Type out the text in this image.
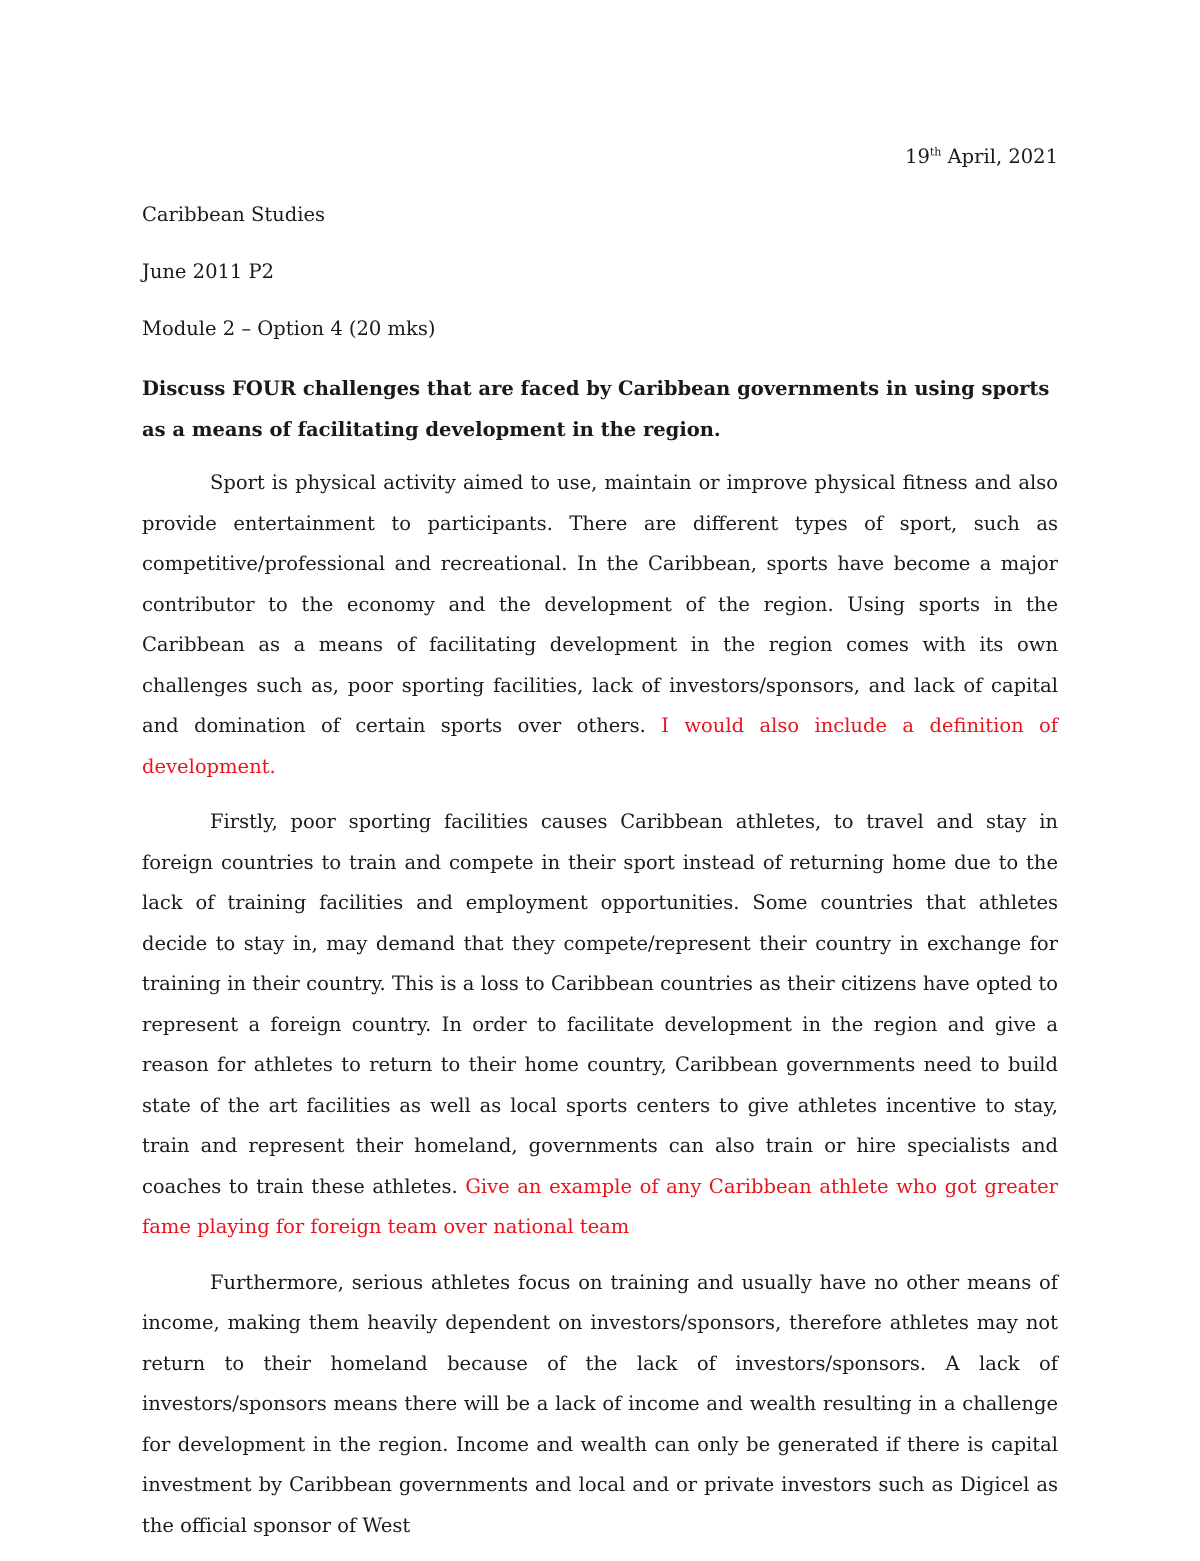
19th April, 2021
Caribbean Studies
June 2011 P2
Module 2 – Option 4 (20 mks)
Discuss FOUR challenges that are faced by Caribbean governments in using sports as a means of facilitating development in the region.

Sport is physical activity aimed to use, maintain or improve physical fitness and also provide entertainment to participants. There are different types of sport, such as competitive/professional and recreational. In the Caribbean, sports have become a major contributor to the economy and the development of the region. Using sports in the Caribbean as a means of facilitating development in the region comes with its own challenges such as, poor sporting facilities, lack of investors/sponsors, and lack of capital and domination of certain sports over others. I would also include a definition of development.

Firstly, poor sporting facilities causes Caribbean athletes, to travel and stay in foreign countries to train and compete in their sport instead of returning home due to the lack of training facilities and employment opportunities. Some countries that athletes decide to stay in, may demand that they compete/represent their country in exchange for training in their country. This is a loss to Caribbean countries as their citizens have opted to represent a foreign country. In order to facilitate development in the region and give a reason for athletes to return to their home country, Caribbean governments need to build state of the art facilities as well as local sports centers to give athletes incentive to stay, train and represent their homeland, governments can also train or hire specialists and coaches to train these athletes. Give an example of any Caribbean athlete who got greater fame playing for foreign team over national team

Furthermore, serious athletes focus on training and usually have no other means of income, making them heavily dependent on investors/sponsors, therefore athletes may not return to their homeland because of the lack of investors/sponsors. A lack of investors/sponsors means there will be a lack of income and wealth resulting in a challenge for development in the region. Income and wealth can only be generated if there is capital investment by Caribbean governments and local and or private investors such as Digicel as the official sponsor of West
